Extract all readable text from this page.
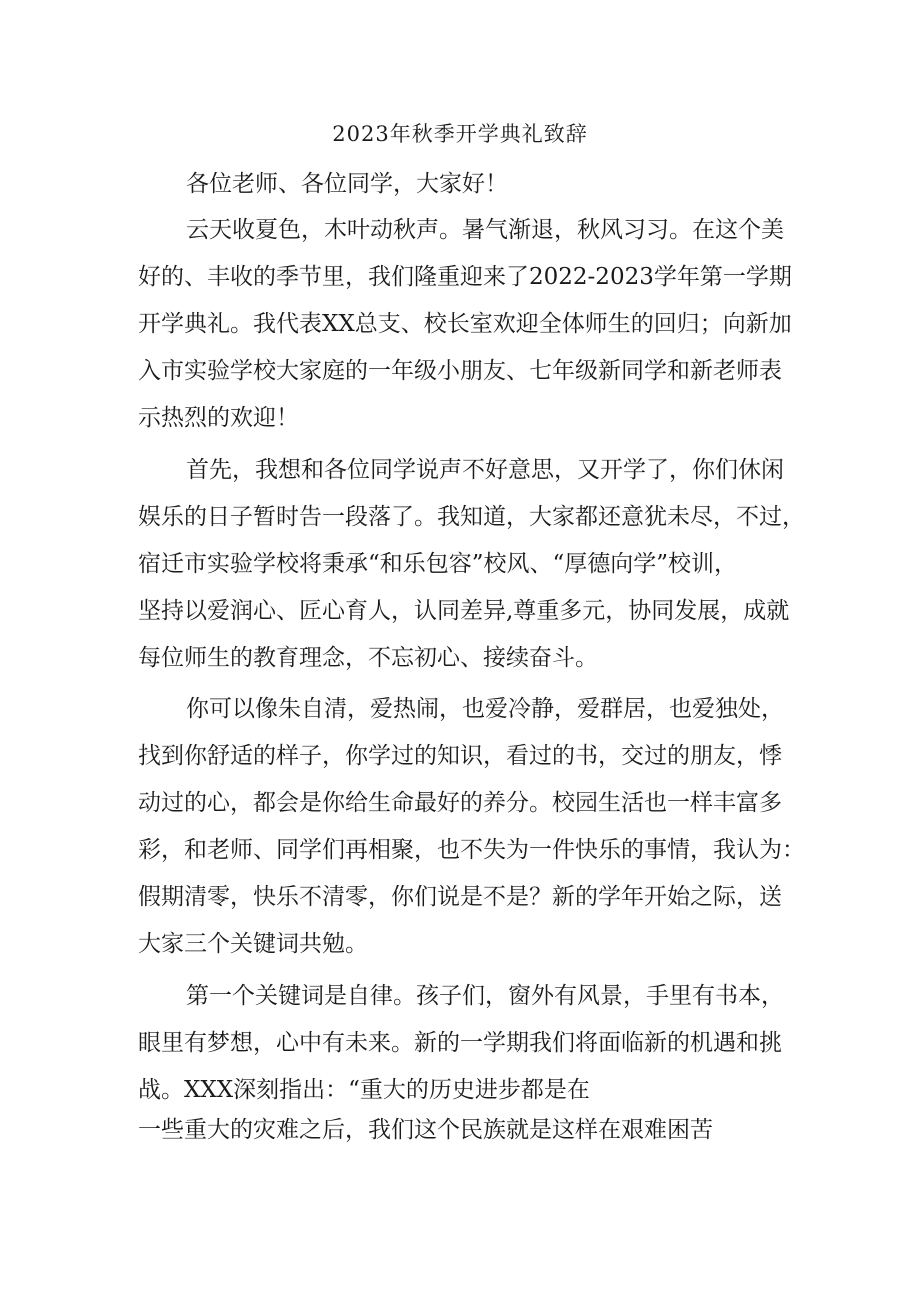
2023年秋季开学典礼致辞
各位老师、各位同学，大家好！
云天收夏色，木叶动秋声。暑气渐退，秋风习习。在这个美
好的、丰收的季节里，我们隆重迎来了2022-2023学年第一学期
开学典礼。我代表XX总支、校长室欢迎全体师生的回归；向新加
入市实验学校大家庭的一年级小朋友、七年级新同学和新老师表
示热烈的欢迎！
首先，我想和各位同学说声不好意思，又开学了，你们休闲
娱乐的日子暂时告一段落了。我知道，大家都还意犹未尽，不过，
宿迁市实验学校将秉承“和乐包容”校风、“厚德向学”校训，
坚持以爱润心、匠心育人，认同差异,尊重多元，协同发展，成就
每位师生的教育理念，不忘初心、接续奋斗。
你可以像朱自清，爱热闹，也爱冷静，爱群居，也爱独处，
找到你舒适的样子，你学过的知识，看过的书，交过的朋友，悸
动过的心，都会是你给生命最好的养分。校园生活也一样丰富多
彩，和老师、同学们再相聚，也不失为一件快乐的事情，我认为：
假期清零，快乐不清零，你们说是不是？新的学年开始之际，送
大家三个关键词共勉。
第一个关键词是自律。孩子们，窗外有风景，手里有书本，
眼里有梦想，心中有未来。新的一学期我们将面临新的机遇和挑
战。XXX深刻指出：“重大的历史进步都是在
一些重大的灾难之后，我们这个民族就是这样在艰难困苦
